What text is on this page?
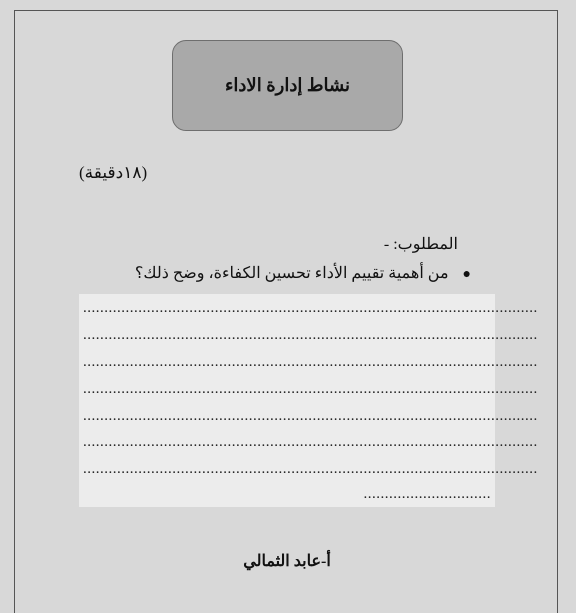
نشاط إدارة الاداء
(١٨دقيقة)
المطلوب: -
● من أهمية تقييم الأداء تحسين الكفاءة، وضح ذلك؟
...........................................................................................................
...........................................................................................................
...........................................................................................................
...........................................................................................................
...........................................................................................................
...........................................................................................................
...........................................................................................................
..............................
أ-عابد الثمالي
